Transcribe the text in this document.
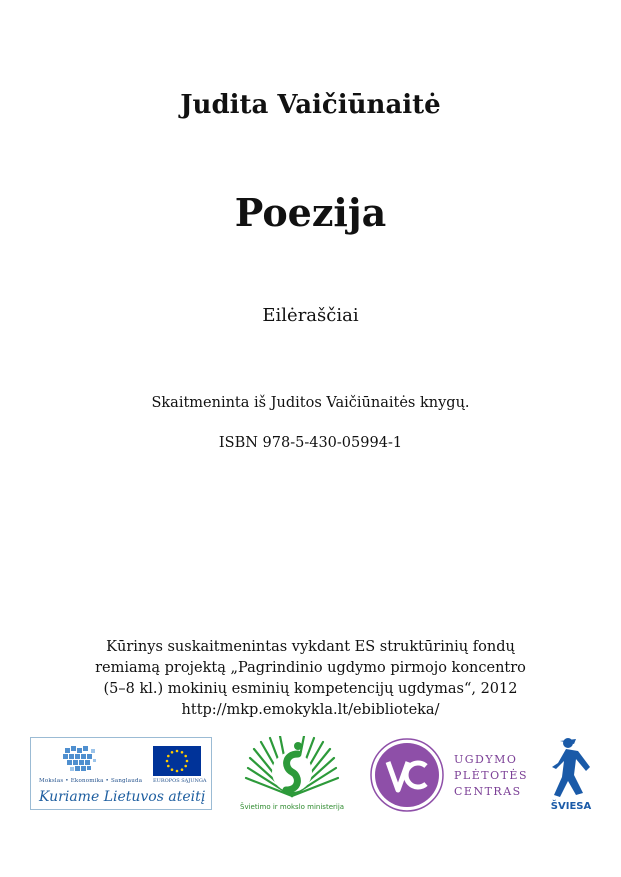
Judita Vaičiūnaitė
Poezija
Eilėraščiai
Skaitmeninta iš Juditos Vaičiūnaitės knygų.
ISBN 978-5-430-05994-1
Kūrinys suskaitmenintas vykdant ES struktūrinių fondų
remiamą projektą „Pagrindinio ugdymo pirmojo koncentro
(5–8 kl.) mokinių esminių kompetencijų ugdymas“, 2012
http://mkp.emokykla.lt/ebiblioteka/
Mokslas • Ekonomika • Sanglauda EUROPOS SĄJUNGA
Kuriame Lietuvos ateitį
Švietimo ir mokslo ministerija
UGDYMO
PLĖTOTĖS
CENTRAS
ŠVIESA
